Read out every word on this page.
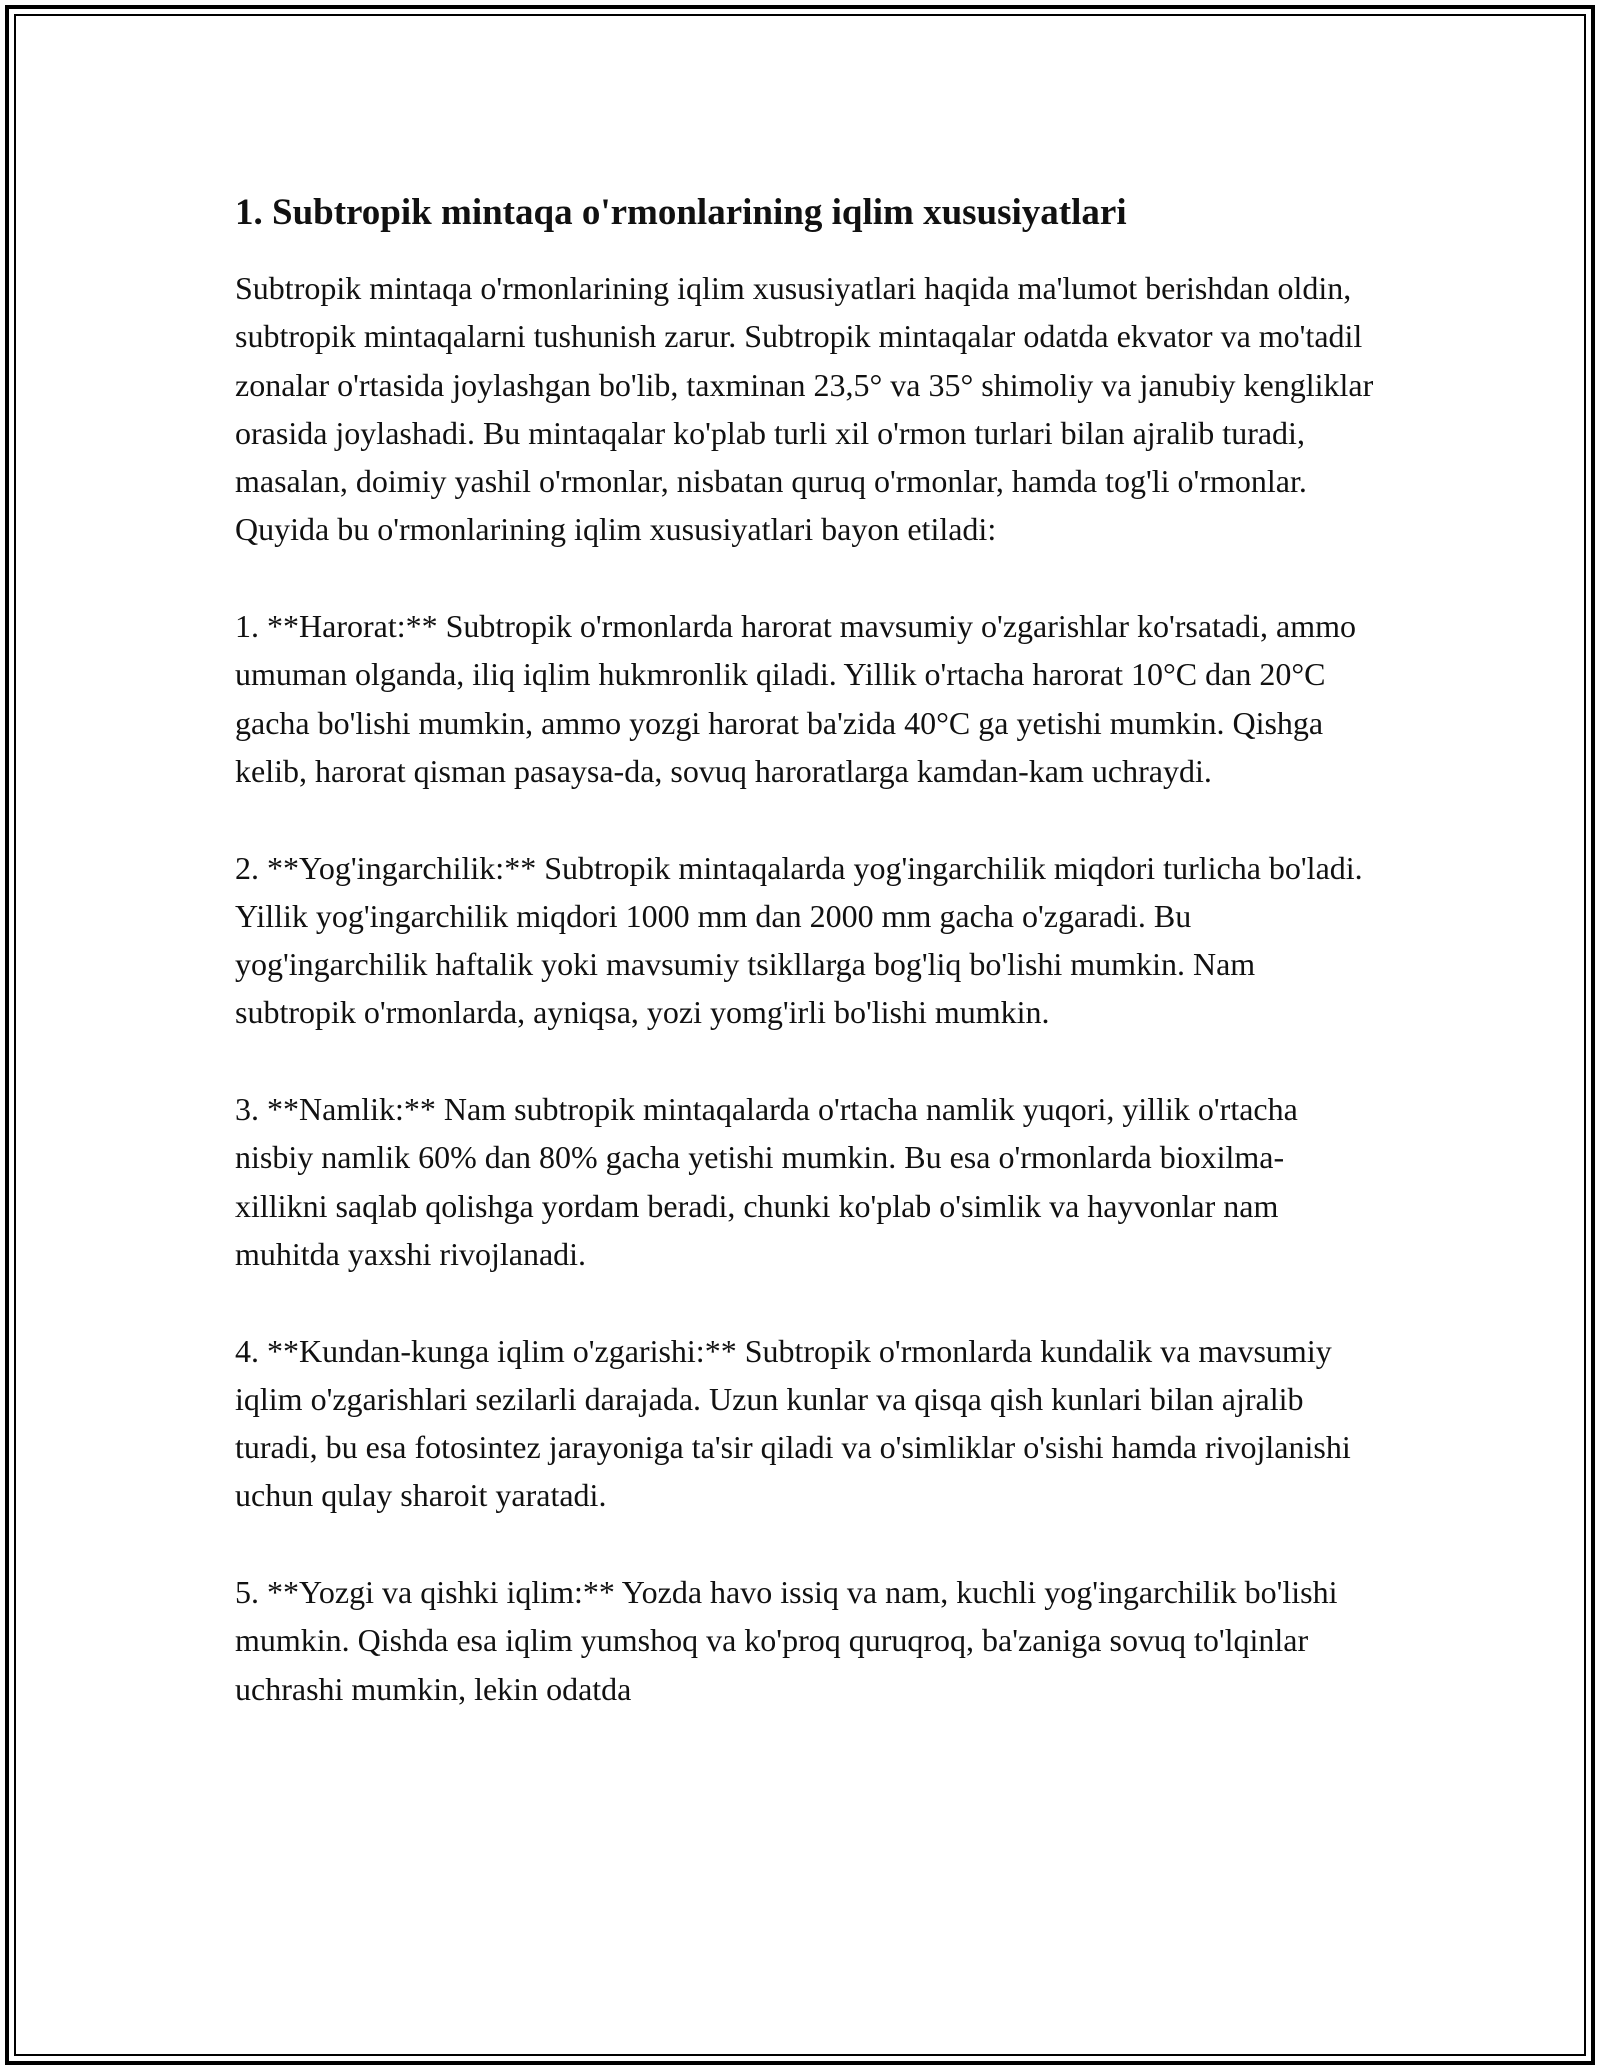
1. Subtropik mintaqa o'rmonlarining iqlim xususiyatlari

Subtropik mintaqa o'rmonlarining iqlim xususiyatlari haqida ma'lumot berishdan oldin, subtropik mintaqalarni tushunish zarur. Subtropik mintaqalar odatda ekvator va mo'tadil zonalar o'rtasida joylashgan bo'lib, taxminan 23,5° va 35° shimoliy va janubiy kengliklar orasida joylashadi. Bu mintaqalar ko'plab turli xil o'rmon turlari bilan ajralib turadi, masalan, doimiy yashil o'rmonlar, nisbatan quruq o'rmonlar, hamda tog'li o'rmonlar. Quyida bu o'rmonlarining iqlim xususiyatlari bayon etiladi:

1. **Harorat:** Subtropik o'rmonlarda harorat mavsumiy o'zgarishlar ko'rsatadi, ammo umuman olganda, iliq iqlim hukmronlik qiladi. Yillik o'rtacha harorat 10°C dan 20°C gacha bo'lishi mumkin, ammo yozgi harorat ba'zida 40°C ga yetishi mumkin. Qishga kelib, harorat qisman pasaysa-da, sovuq haroratlarga kamdan-kam uchraydi.

2. **Yog'ingarchilik:** Subtropik mintaqalarda yog'ingarchilik miqdori turlicha bo'ladi. Yillik yog'ingarchilik miqdori 1000 mm dan 2000 mm gacha o'zgaradi. Bu yog'ingarchilik haftalik yoki mavsumiy tsikllarga bog'liq bo'lishi mumkin. Nam subtropik o'rmonlarda, ayniqsa, yozi yomg'irli bo'lishi mumkin.

3. **Namlik:** Nam subtropik mintaqalarda o'rtacha namlik yuqori, yillik o'rtacha nisbiy namlik 60% dan 80% gacha yetishi mumkin. Bu esa o'rmonlarda bioxilma-xillikni saqlab qolishga yordam beradi, chunki ko'plab o'simlik va hayvonlar nam muhitda yaxshi rivojlanadi.

4. **Kundan-kunga iqlim o'zgarishi:** Subtropik o'rmonlarda kundalik va mavsumiy iqlim o'zgarishlari sezilarli darajada. Uzun kunlar va qisqa qish kunlari bilan ajralib turadi, bu esa fotosintez jarayoniga ta'sir qiladi va o'simliklar o'sishi hamda rivojlanishi uchun qulay sharoit yaratadi.

5. **Yozgi va qishki iqlim:** Yozda havo issiq va nam, kuchli yog'ingarchilik bo'lishi mumkin. Qishda esa iqlim yumshoq va ko'proq quruqroq, ba'zaniga sovuq to'lqinlar uchrashi mumkin, lekin odatda
